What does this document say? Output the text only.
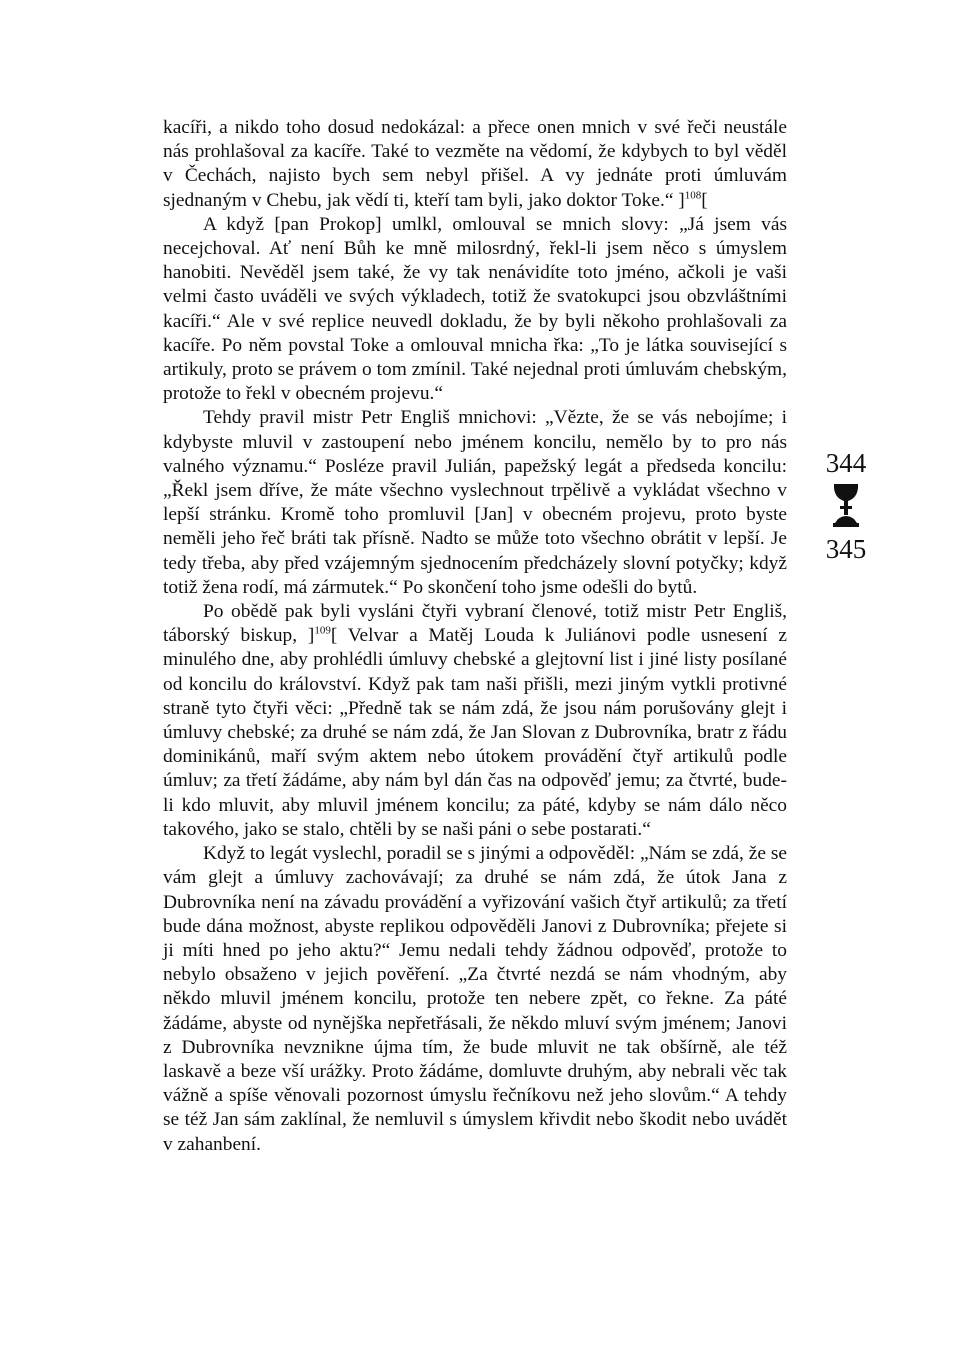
kacíři, a nikdo toho dosud nedokázal: a přece onen mnich v své řeči neustále nás prohlašoval za kacíře. Také to vezměte na vědomí, že kdybych to byl věděl v Čechách, najisto bych sem nebyl přišel. A vy jednáte proti úmluvám sjednaným v Chebu, jak vědí ti, kteří tam byli, jako doktor Toke.“ ]$^{108}$[

A když [pan Prokop] umlkl, omlouval se mnich slovy: „Já jsem vás necejchoval. Ať není Bůh ke mně milosrdný, řekl-li jsem něco s úmyslem hanobiti. Nevěděl jsem také, že vy tak nenávidíte toto jméno, ačkoli je vaši velmi často uváděli ve svých výkladech, totiž že svatokupci jsou obzvláštními kacíři.“ Ale v své replice neuvedl dokladu, že by byli někoho prohlašovali za kacíře. Po něm povstal Toke a omlouval mnicha řka: „To je látka související s artikuly, proto se právem o tom zmínil. Také nejednal proti úmluvám chebským, protože to řekl v obecném projevu.“

Tehdy pravil mistr Petr Engliš mnichovi: „Vězte, že se vás nebojíme; i kdybyste mluvil v zastoupení nebo jménem koncilu, nemělo by to pro nás valného významu.“ Posléze pravil Julián, papežský legát a předseda koncilu: „Řekl jsem dříve, že máte všechno vyslechnout trpělivě a vykládat všechno v lepší stránku. Kromě toho promluvil [Jan] v obecném projevu, proto byste neměli jeho řeč bráti tak přísně. Nadto se může toto všechno obrátit v lepší. Je tedy třeba, aby před vzájemným sjednocením předcházely slovní potyčky; když totiž žena rodí, má zármutek.“ Po skončení toho jsme odešli do bytů.

Po obědě pak byli vysláni čtyři vybraní členové, totiž mistr Petr Engliš, táborský biskup, ]$^{109}$[ Velvar a Matěj Louda k Juliánovi podle usnesení z minulého dne, aby prohlédli úmluvy chebské a glejtovní list i jiné listy posílané od koncilu do království. Když pak tam naši přišli, mezi jiným vytkli protivné straně tyto čtyři věci: „Předně tak se nám zdá, že jsou nám porušovány glejt i úmluvy chebské; za druhé se nám zdá, že Jan Slovan z Dubrovníka, bratr z řádu dominikánů, maří svým aktem nebo útokem provádění čtyř artikulů podle úmluv; za třetí žádáme, aby nám byl dán čas na odpověď jemu; za čtvrté, bude-li kdo mluvit, aby mluvil jménem koncilu; za páté, kdyby se nám dálo něco takového, jako se stalo, chtěli by se naši páni o sebe postarati.“

Když to legát vyslechl, poradil se s jinými a odpověděl: „Nám se zdá, že se vám glejt a úmluvy zachovávají; za druhé se nám zdá, že útok Jana z Dubrovníka není na závadu provádění a vyřizování vašich čtyř artikulů; za třetí bude dána možnost, abyste replikou odpověděli Janovi z Dubrovníka; přejete si ji míti hned po jeho aktu?“ Jemu nedali tehdy žádnou odpověď, protože to nebylo obsaženo v jejich pověření. „Za čtvrté nezdá se nám vhodným, aby někdo mluvil jménem koncilu, protože ten nebere zpět, co řekne. Za páté žádáme, abyste od nynějška nepřetřásali, že někdo mluví svým jménem; Janovi z Dubrovníka nevznikne újma tím, že bude mluvit ne tak obšírně, ale též laskavě a beze vší urážky. Proto žádáme, domluvte druhým, aby nebrali věc tak vážně a spíše věnovali pozornost úmyslu řečníkovu než jeho slovům.“ A tehdy se též Jan sám zaklínal, že nemluvil s úmyslem křivdit nebo škodit nebo uvádět v zahanbení.

344
345
